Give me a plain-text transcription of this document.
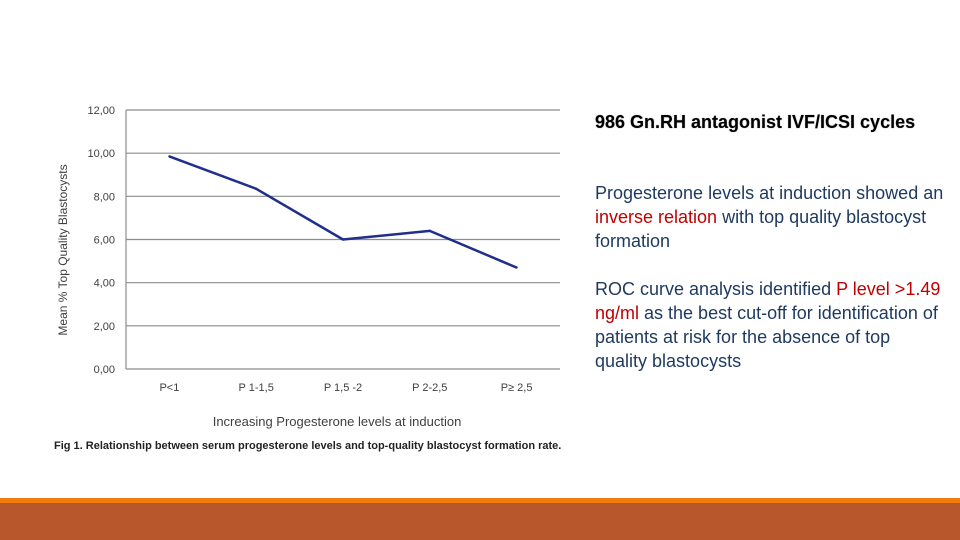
0,00
2,00
4,00
6,00
8,00
10,00
12,00
P<1	P 1-1,5	P 1,5 -2	P 2-2,5	P≥ 2,5
Increasing Progesterone levels at induction
Mean % Top Quality Blastocysts
Fig 1. Relationship between serum progesterone levels and top-quality blastocyst formation rate.
986 Gn.RH antagonist IVF/ICSI cycles
Progesterone levels at induction showed an inverse relation with top quality blastocyst formation
ROC curve analysis identified P level >1.49 ng/ml as the best cut-off for identification of patients at risk for the absence of top quality blastocysts
